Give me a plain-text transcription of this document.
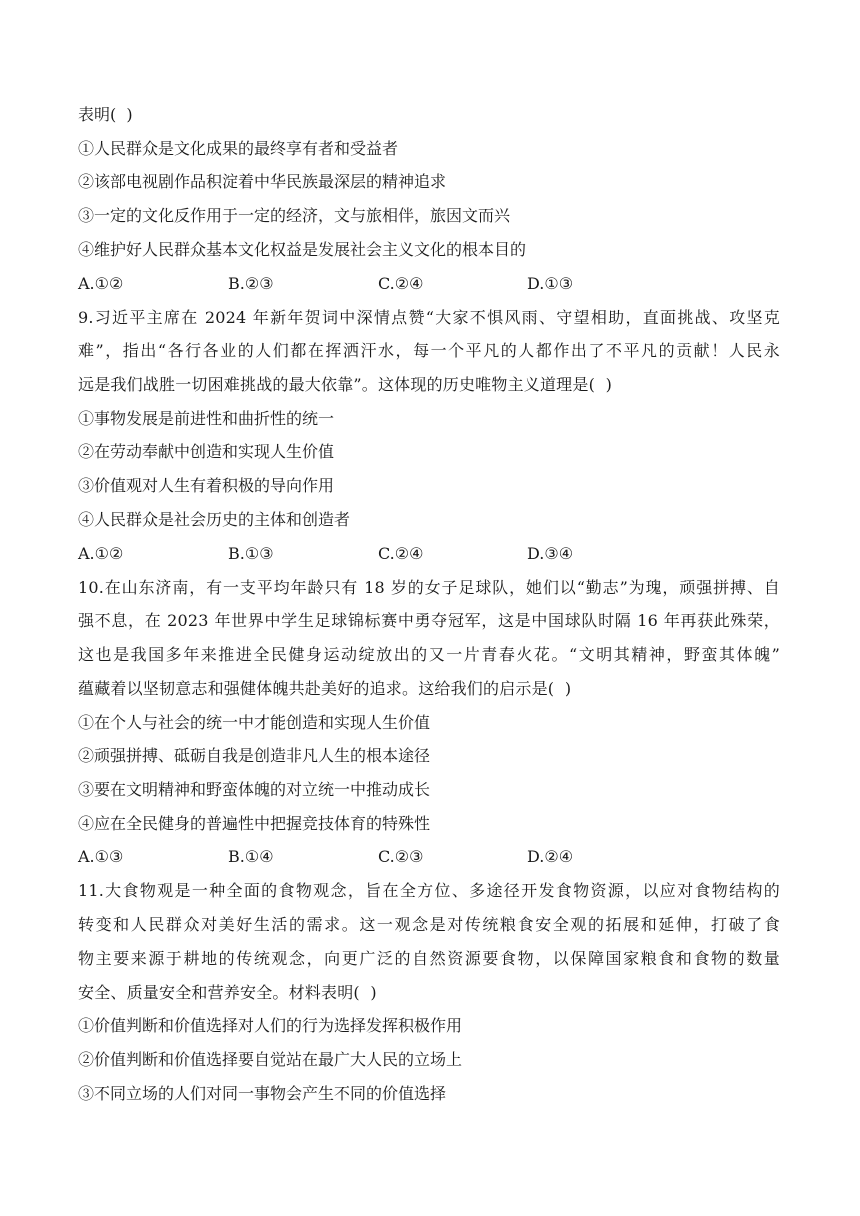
表明(  )
①人民群众是文化成果的最终享有者和受益者
②该部电视剧作品积淀着中华民族最深层的精神追求
③一定的文化反作用于一定的经济，文与旅相伴，旅因文而兴
④维护好人民群众基本文化权益是发展社会主义文化的根本目的
A.①②	B.②③	C.②④	D.①③
9.习近平主席在 2024 年新年贺词中深情点赞“大家不惧风雨、守望相助，直面挑战、攻坚克
难”，指出“各行各业的人们都在挥洒汗水，每一个平凡的人都作出了不平凡的贡献！人民永
远是我们战胜一切困难挑战的最大依靠”。这体现的历史唯物主义道理是(  )
①事物发展是前进性和曲折性的统一
②在劳动奉献中创造和实现人生价值
③价值观对人生有着积极的导向作用
④人民群众是社会历史的主体和创造者
A.①②	B.①③	C.②④	D.③④
10.在山东济南，有一支平均年龄只有 18 岁的女子足球队，她们以“勤志”为瑰，顽强拼搏、自
强不息，在 2023 年世界中学生足球锦标赛中勇夺冠军，这是中国球队时隔 16 年再获此殊荣，
这也是我国多年来推进全民健身运动绽放出的又一片青春火花。“文明其精神，野蛮其体魄”
蕴藏着以坚韧意志和强健体魄共赴美好的追求。这给我们的启示是(  )
①在个人与社会的统一中才能创造和实现人生价值
②顽强拼搏、砥砺自我是创造非凡人生的根本途径
③要在文明精神和野蛮体魄的对立统一中推动成长
④应在全民健身的普遍性中把握竞技体育的特殊性
A.①③	B.①④	C.②③	D.②④
11.大食物观是一种全面的食物观念，旨在全方位、多途径开发食物资源，以应对食物结构的
转变和人民群众对美好生活的需求。这一观念是对传统粮食安全观的拓展和延伸，打破了食
物主要来源于耕地的传统观念，向更广泛的自然资源要食物，以保障国家粮食和食物的数量
安全、质量安全和营养安全。材料表明(  )
①价值判断和价值选择对人们的行为选择发挥积极作用
②价值判断和价值选择要自觉站在最广大人民的立场上
③不同立场的人们对同一事物会产生不同的价值选择
